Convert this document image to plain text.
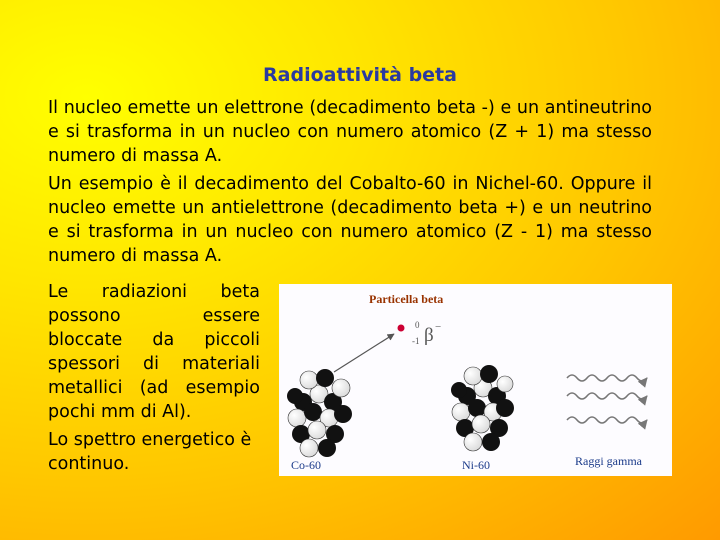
Radioattività beta

Il nucleo emette un elettrone (decadimento beta -) e un antineutrino e si trasforma in un nucleo con numero atomico (Z + 1) ma stesso numero di massa A.

Un esempio è il decadimento del Cobalto-60 in Nichel-60. Oppure il nucleo emette un antielettrone (decadimento beta +) e un neutrino e si trasforma in un nucleo con numero atomico (Z - 1) ma stesso numero di massa A.

Le radiazioni beta possono essere bloccate da piccoli spessori di materiali metallici (ad esempio pochi mm di Al).

Lo spettro energetico è continuo.

Particella beta
0
-1 β −
Co-60	Ni-60	Raggi gamma
